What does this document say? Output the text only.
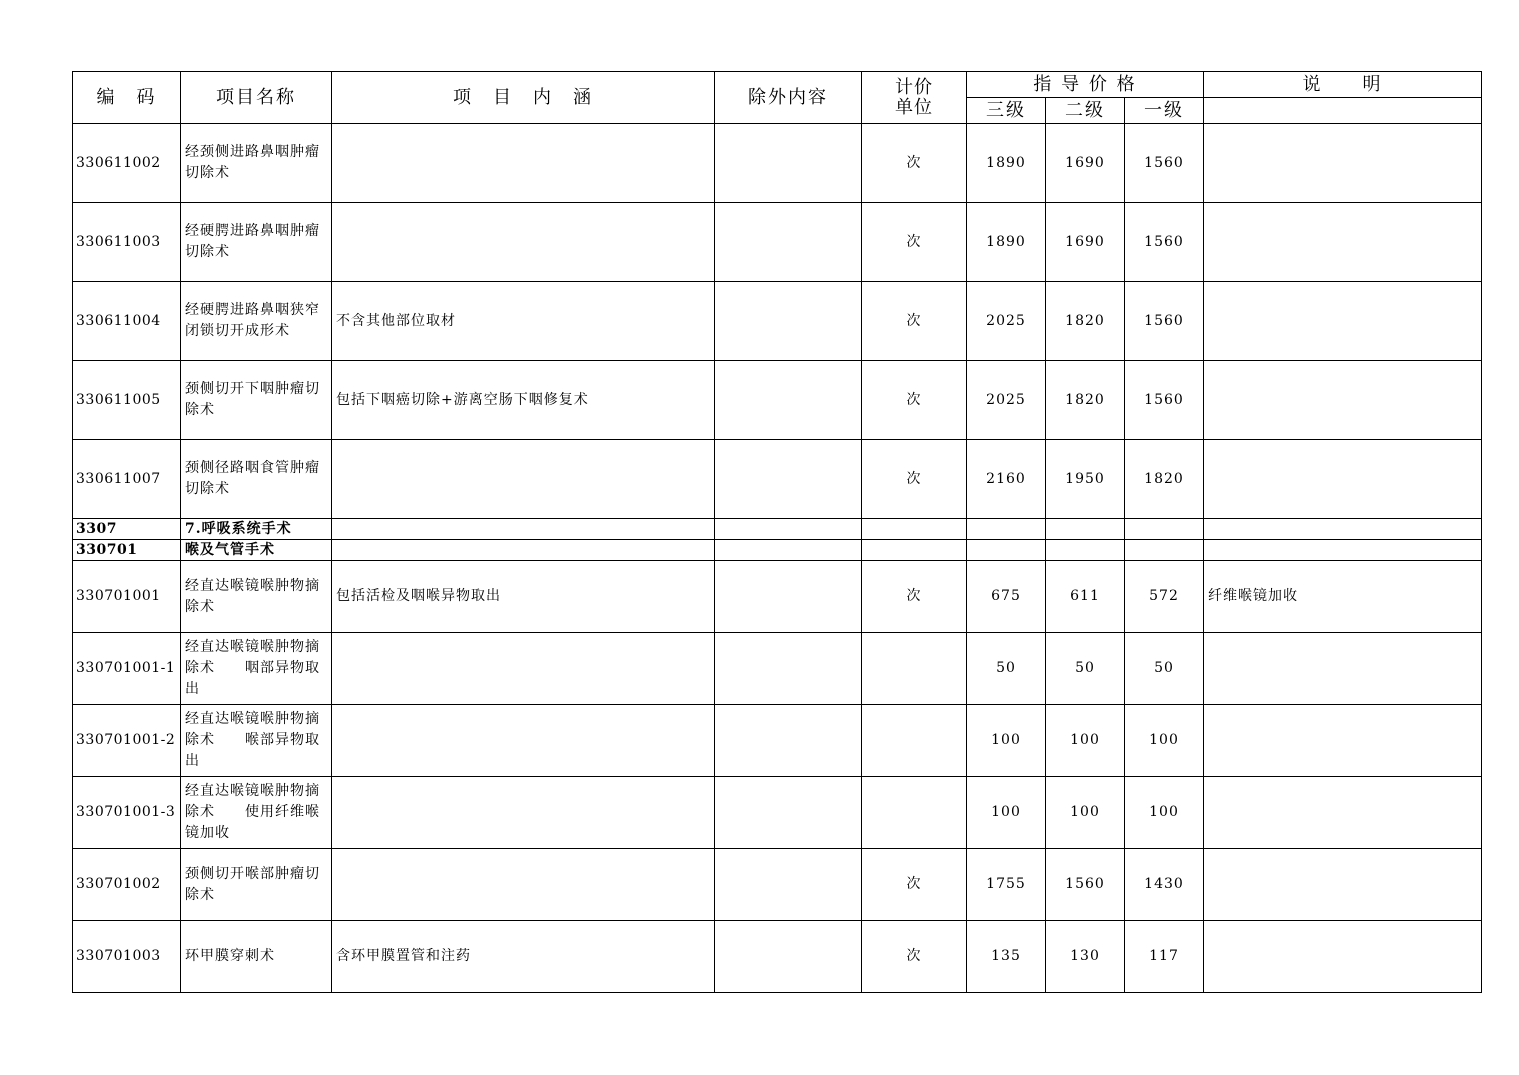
编　码	项目名称	项　目　内　涵	除外内容	计价单位	指 导 价 格			说　　明
					三级	二级	一级	
330611002	经颈侧进路鼻咽肿瘤切除术			次	1890	1690	1560	
330611003	经硬腭进路鼻咽肿瘤切除术			次	1890	1690	1560	
330611004	经硬腭进路鼻咽狭窄闭锁切开成形术	不含其他部位取材		次	2025	1820	1560	
330611005	颈侧切开下咽肿瘤切除术	包括下咽癌切除+游离空肠下咽修复术		次	2025	1820	1560	
330611007	颈侧径路咽食管肿瘤切除术			次	2160	1950	1820	
3307	7.呼吸系统手术							
330701	喉及气管手术							
330701001	经直达喉镜喉肿物摘除术	包括活检及咽喉异物取出		次	675	611	572	纤维喉镜加收
330701001-1	经直达喉镜喉肿物摘除术　　咽部异物取出				50	50	50	
330701001-2	经直达喉镜喉肿物摘除术　　喉部异物取出				100	100	100	
330701001-3	经直达喉镜喉肿物摘除术　　使用纤维喉镜加收				100	100	100	
330701002	颈侧切开喉部肿瘤切除术			次	1755	1560	1430	
330701003	环甲膜穿刺术	含环甲膜置管和注药		次	135	130	117	
